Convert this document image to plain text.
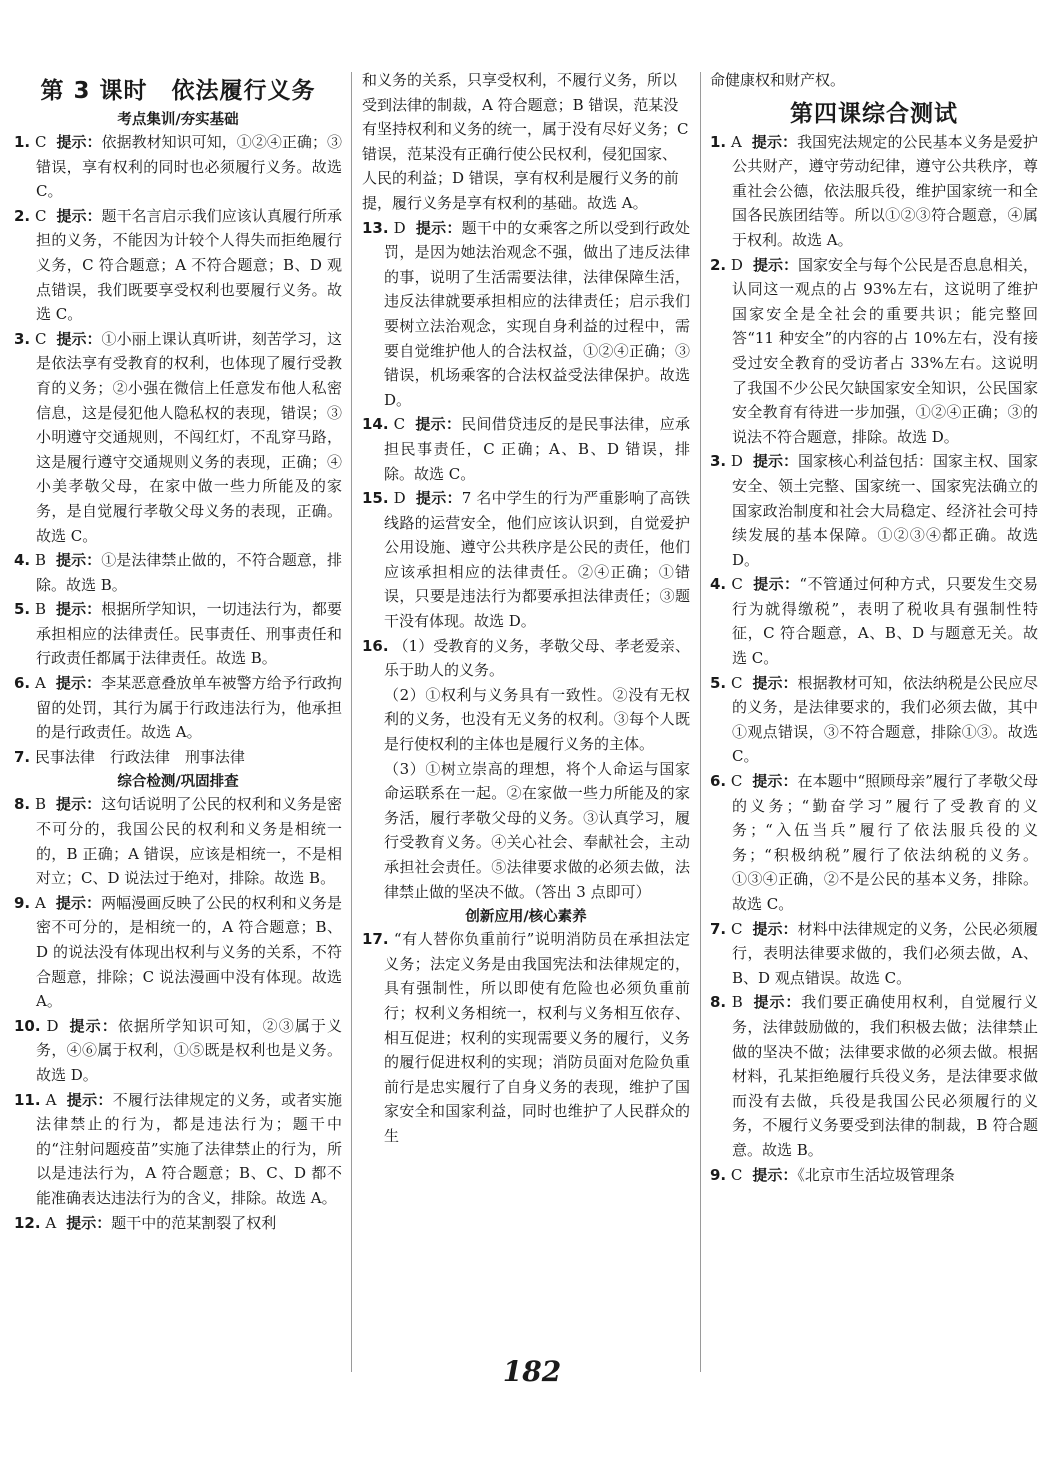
第 3 课时　依法履行义务
考点集训/夯实基础

1. C 提示：依据教材知识可知，①②④正确；③错误，享有权利的同时也必须履行义务。故选 C。

2. C 提示：题干名言启示我们应该认真履行所承担的义务，不能因为计较个人得失而拒绝履行义务，C 符合题意；A 不符合题意；B、D 观点错误，我们既要享受权利也要履行义务。故选 C。

3. C 提示：①小丽上课认真听讲，刻苦学习，这是依法享有受教育的权利，也体现了履行受教育的义务；②小强在微信上任意发布他人私密信息，这是侵犯他人隐私权的表现，错误；③小明遵守交通规则，不闯红灯，不乱穿马路，这是履行遵守交通规则义务的表现，正确；④小美孝敬父母，在家中做一些力所能及的家务，是自觉履行孝敬父母义务的表现，正确。故选 C。

4. B 提示：①是法律禁止做的，不符合题意，排除。故选 B。

5. B 提示：根据所学知识，一切违法行为，都要承担相应的法律责任。民事责任、刑事责任和行政责任都属于法律责任。故选 B。

6. A 提示：李某恶意叠放单车被警方给予行政拘留的处罚，其行为属于行政违法行为，他承担的是行政责任。故选 A。

7. 民事法律　行政法律　刑事法律

综合检测/巩固排查

8. B 提示：这句话说明了公民的权利和义务是密不可分的，我国公民的权利和义务是相统一的，B 正确；A 错误，应该是相统一，不是相对立；C、D 说法过于绝对，排除。故选 B。

9. A 提示：两幅漫画反映了公民的权利和义务是密不可分的，是相统一的，A 符合题意；B、D 的说法没有体现出权利与义务的关系，不符合题意，排除；C 说法漫画中没有体现。故选 A。

10. D 提示：依据所学知识可知，②③属于义务，④⑥属于权利，①⑤既是权利也是义务。故选 D。

11. A 提示：不履行法律规定的义务，或者实施法律禁止的行为，都是违法行为；题干中的“注射问题疫苗”实施了法律禁止的行为，所以是违法行为，A 符合题意；B、C、D 都不能准确表达违法行为的含义，排除。故选 A。

12. A 提示：题干中的范某割裂了权利

和义务的关系，只享受权利，不履行义务，所以受到法律的制裁，A 符合题意；B 错误，范某没有坚持权利和义务的统一，属于没有尽好义务；C 错误，范某没有正确行使公民权利，侵犯国家、人民的利益；D 错误，享有权利是履行义务的前提，履行义务是享有权利的基础。故选 A。

13. D 提示：题干中的女乘客之所以受到行政处罚，是因为她法治观念不强，做出了违反法律的事，说明了生活需要法律，法律保障生活，违反法律就要承担相应的法律责任；启示我们要树立法治观念，实现自身利益的过程中，需要自觉维护他人的合法权益，①②④正确；③错误，机场乘客的合法权益受法律保护。故选 D。

14. C 提示：民间借贷违反的是民事法律，应承担民事责任，C 正确；A、B、D 错误，排除。故选 C。

15. D 提示：7 名中学生的行为严重影响了高铁线路的运营安全，他们应该认识到，自觉爱护公用设施、遵守公共秩序是公民的责任，他们应该承担相应的法律责任。②④正确；①错误，只要是违法行为都要承担法律责任；③题干没有体现。故选 D。

16. （1）受教育的义务，孝敬父母、孝老爱亲、乐于助人的义务。

（2）①权利与义务具有一致性。②没有无权利的义务，也没有无义务的权利。③每个人既是行使权利的主体也是履行义务的主体。

（3）①树立崇高的理想，将个人命运与国家命运联系在一起。②在家做一些力所能及的家务活，履行孝敬父母的义务。③认真学习，履行受教育义务。④关心社会、奉献社会，主动承担社会责任。⑤法律要求做的必须去做，法律禁止做的坚决不做。（答出 3 点即可）

创新应用/核心素养

17. “有人替你负重前行”说明消防员在承担法定义务；法定义务是由我国宪法和法律规定的，具有强制性，所以即使有危险也必须负重前行；权利义务相统一，权利与义务相互依存、相互促进；权利的实现需要义务的履行，义务的履行促进权利的实现；消防员面对危险负重前行是忠实履行了自身义务的表现，维护了国家安全和国家利益，同时也维护了人民群众的生

命健康权和财产权。

第四课综合测试

1. A 提示：我国宪法规定的公民基本义务是爱护公共财产，遵守劳动纪律，遵守公共秩序，尊重社会公德，依法服兵役，维护国家统一和全国各民族团结等。所以①②③符合题意，④属于权利。故选 A。

2. D 提示：国家安全与每个公民是否息息相关，认同这一观点的占 93%左右，这说明了维护国家安全是全社会的重要共识；能完整回答“11 种安全”的内容的占 10%左右，没有接受过安全教育的受访者占 33%左右。这说明了我国不少公民欠缺国家安全知识，公民国家安全教育有待进一步加强，①②④正确；③的说法不符合题意，排除。故选 D。

3. D 提示：国家核心利益包括：国家主权、国家安全、领土完整、国家统一、国家宪法确立的国家政治制度和社会大局稳定、经济社会可持续发展的基本保障。①②③④都正确。故选 D。

4. C 提示：“不管通过何种方式，只要发生交易行为就得缴税”，表明了税收具有强制性特征，C 符合题意，A、B、D 与题意无关。故选 C。

5. C 提示：根据教材可知，依法纳税是公民应尽的义务，是法律要求的，我们必须去做，其中①观点错误，③不符合题意，排除①③。故选 C。

6. C 提示：在本题中“照顾母亲”履行了孝敬父母的义务；“勤奋学习”履行了受教育的义务；“入伍当兵”履行了依法服兵役的义务；“积极纳税”履行了依法纳税的义务。①③④正确，②不是公民的基本义务，排除。故选 C。

7. C 提示：材料中法律规定的义务，公民必须履行，表明法律要求做的，我们必须去做，A、B、D 观点错误。故选 C。

8. B 提示：我们要正确使用权利，自觉履行义务，法律鼓励做的，我们积极去做；法律禁止做的坚决不做；法律要求做的必须去做。根据材料，孔某拒绝履行兵役义务，是法律要求做而没有去做，兵役是我国公民必须履行的义务，不履行义务要受到法律的制裁，B 符合题意。故选 B。

9. C 提示：《北京市生活垃圾管理条

182
